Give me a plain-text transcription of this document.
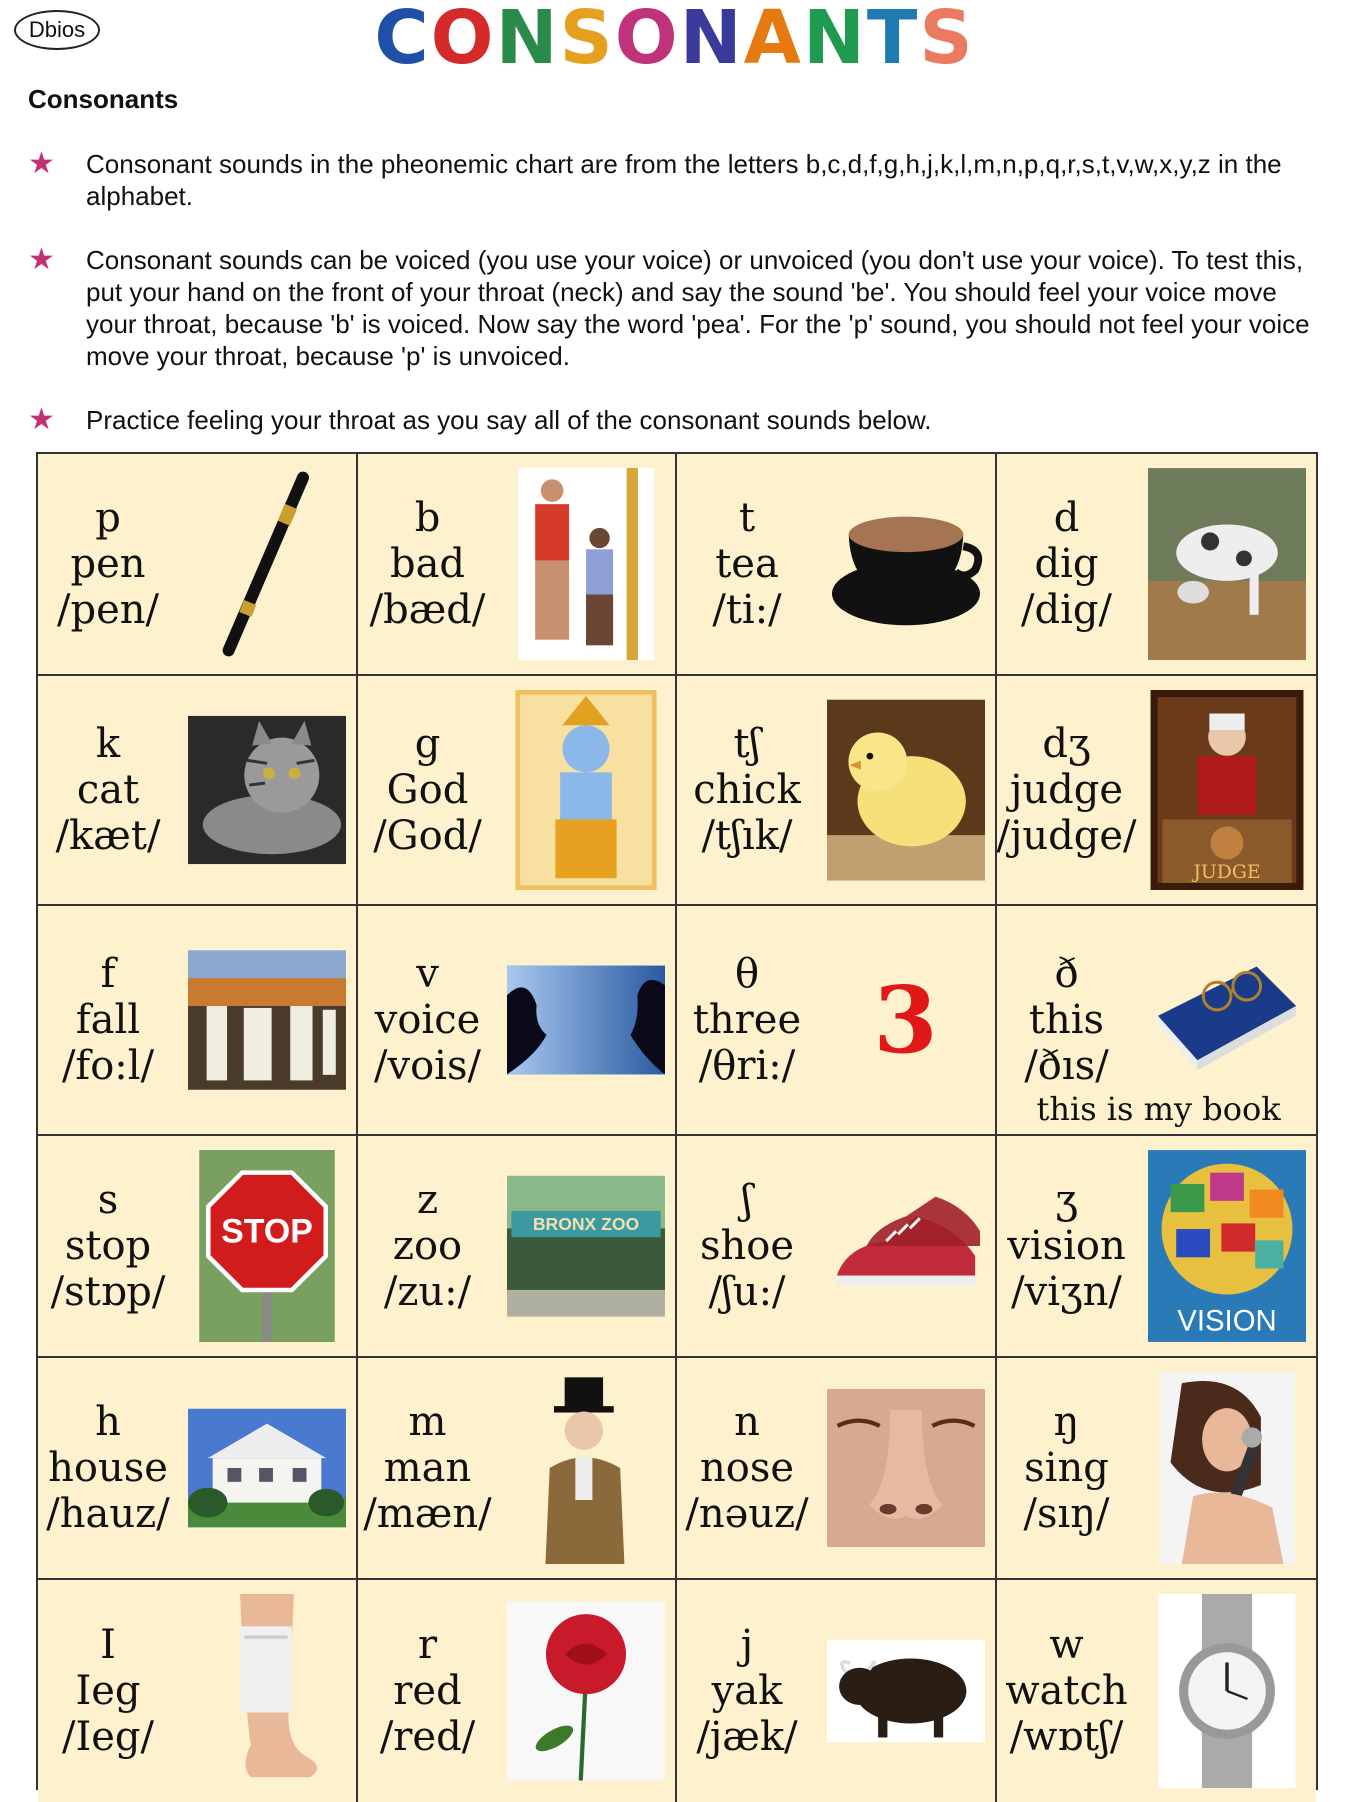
Dbios	CONSONANTS
Consonants
★ Consonant sounds in the pheonemic chart are from the letters b,c,d,f,g,h,j,k,l,m,n,p,q,r,s,t,v,w,x,y,z in the alphabet.
★ Consonant sounds can be voiced (you use your voice) or unvoiced (you don't use your voice). To test this, put your hand on the front of your throat (neck) and say the sound 'be'. You should feel your voice move your throat, because 'b' is voiced. Now say the word 'pea'. For the 'p' sound, you should not feel your voice move your throat, because 'p' is unvoiced.
★ Practice feeling your throat as you say all of the consonant sounds below.
p
pen
/pen/
b
bad
/bæd/
t
tea
/ti:/
d
dig
/dig/
k
cat
/kæt/
g
God
/God/
tʃ
chick
/tʃık/
dʒ
judge
/judge/
JUDGE
f
fall
/fo:l/
v
voice
/vois/
θ
three
/θri:/ 3	ð
this
/ðıs/
this is my book
s
stop
/stɒp/
STOP
z
zoo
/zu:/
BRONX ZOO
ʃ
shoe
/ʃu:/
ʒ
vision
/viʒn/
VISION
h
house
/hauz/
m
man
/mæn/
n
nose
/nəuz/
ŋ
sing
/sıŋ/
I
Ieg
/Ieg/
r
red
/red/
j
yak
/jæk/
w
watch
/wɒtʃ/
